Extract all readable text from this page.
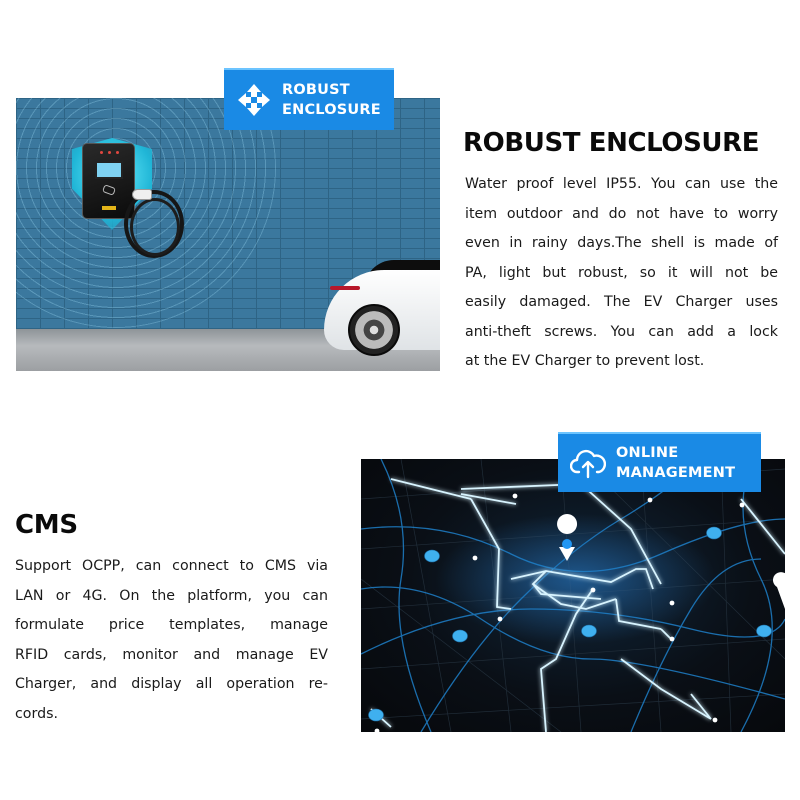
ROBUST
ENCLOSURE
ROBUST ENCLOSURE
Water proof level IP55. You can use the
item outdoor and do not have to worry
even in rainy days.The shell is made of
PA, light but robust, so it will not be
easily damaged. The EV Charger uses
anti-theft screws. You can add a lock
at the EV Charger to prevent lost.
CMS
Support OCPP, can connect to CMS via
LAN or 4G. On the platform, you can
formulate price templates, manage
RFID cards, monitor and manage EV
Charger, and display all operation re-
cords.
ONLINE
MANAGEMENT
